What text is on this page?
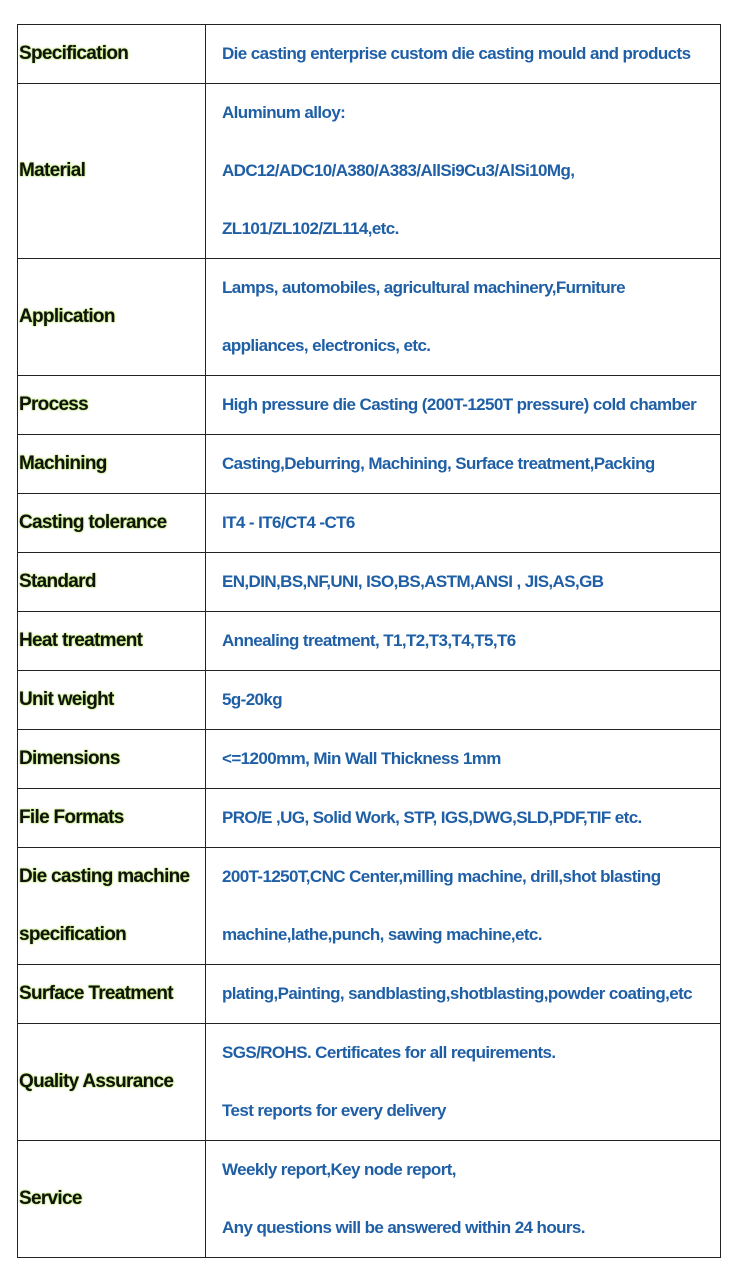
Specification	Die casting enterprise custom die casting mould and products

Material	Aluminum alloy:
ADC12/ADC10/A380/A383/AllSi9Cu3/AlSi10Mg,
ZL101/ZL102/ZL114,etc.

Application	Lamps, automobiles, agricultural machinery,Furniture
appliances, electronics, etc.

Process	High pressure die Casting (200T-1250T pressure) cold chamber

Machining	Casting,Deburring, Machining, Surface treatment,Packing

Casting tolerance	IT4 - IT6/CT4 -CT6

Standard	EN,DIN,BS,NF,UNI, ISO,BS,ASTM,ANSI , JIS,AS,GB

Heat treatment	Annealing treatment, T1,T2,T3,T4,T5,T6

Unit weight	5g-20kg

Dimensions	<=1200mm, Min Wall Thickness 1mm

File Formats	PRO/E ,UG, Solid Work, STP, IGS,DWG,SLD,PDF,TIF etc.

Die casting machine
specification	200T-1250T,CNC Center,milling machine, drill,shot blasting
machine,lathe,punch, sawing machine,etc.

Surface Treatment	plating,Painting, sandblasting,shotblasting,powder coating,etc

Quality Assurance	SGS/ROHS. Certificates for all requirements.
Test reports for every delivery

Service	Weekly report,Key node report,
Any questions will be answered within 24 hours.
